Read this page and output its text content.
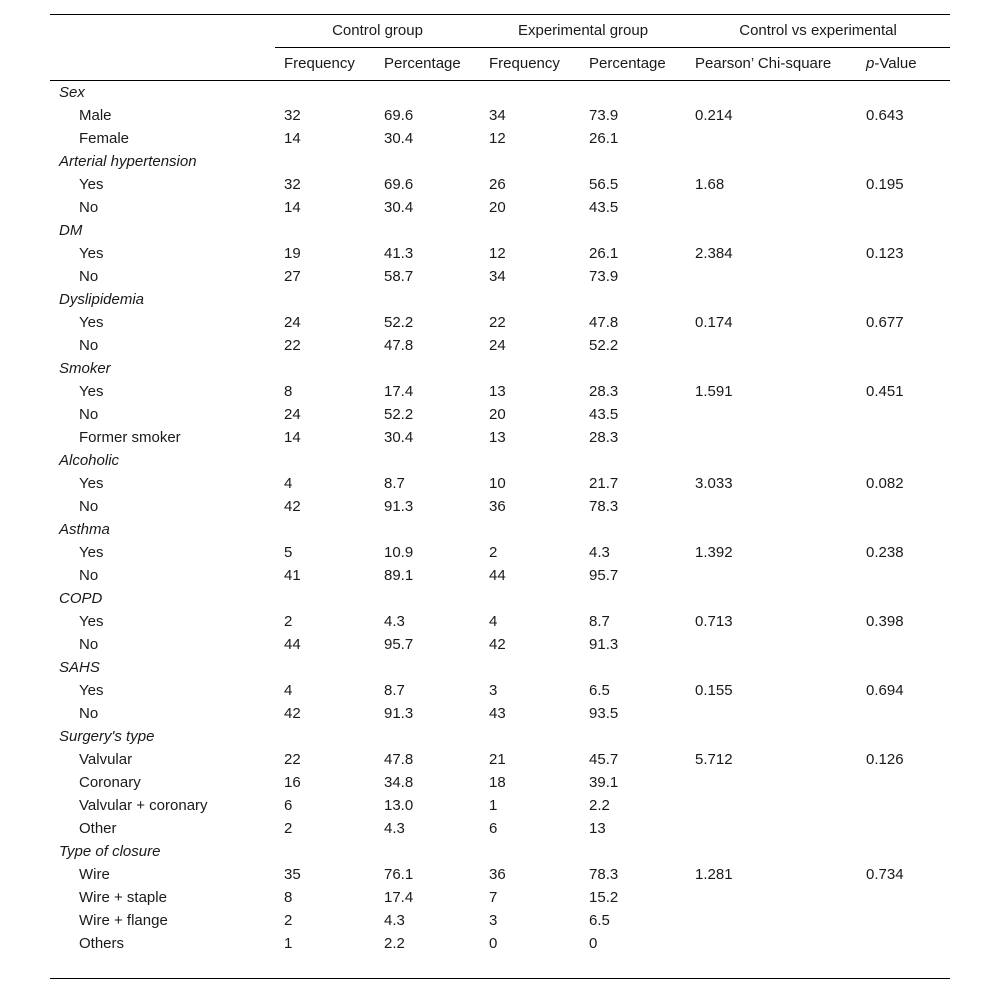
	Control group		Experimental group		Control vs experimental	
	Frequency	Percentage	Frequency	Percentage	Pearson’ Chi-square	p-Value
Sex						
Male	32	69.6	34	73.9	0.214	0.643
Female	14	30.4	12	26.1		
Arterial hypertension						
Yes	32	69.6	26	56.5	1.68	0.195
No	14	30.4	20	43.5		
DM						
Yes	19	41.3	12	26.1	2.384	0.123
No	27	58.7	34	73.9		
Dyslipidemia						
Yes	24	52.2	22	47.8	0.174	0.677
No	22	47.8	24	52.2		
Smoker						
Yes	8	17.4	13	28.3	1.591	0.451
No	24	52.2	20	43.5		
Former smoker	14	30.4	13	28.3		
Alcoholic						
Yes	4	8.7	10	21.7	3.033	0.082
No	42	91.3	36	78.3		
Asthma						
Yes	5	10.9	2	4.3	1.392	0.238
No	41	89.1	44	95.7		
COPD						
Yes	2	4.3	4	8.7	0.713	0.398
No	44	95.7	42	91.3		
SAHS						
Yes	4	8.7	3	6.5	0.155	0.694
No	42	91.3	43	93.5		
Surgery's type						
Valvular	22	47.8	21	45.7	5.712	0.126
Coronary	16	34.8	18	39.1		
Valvular + coronary	6	13.0	1	2.2		
Other	2	4.3	6	13		
Type of closure						
Wire	35	76.1	36	78.3	1.281	0.734
Wire + staple	8	17.4	7	15.2		
Wire + flange	2	4.3	3	6.5		
Others	1	2.2	0	0		
